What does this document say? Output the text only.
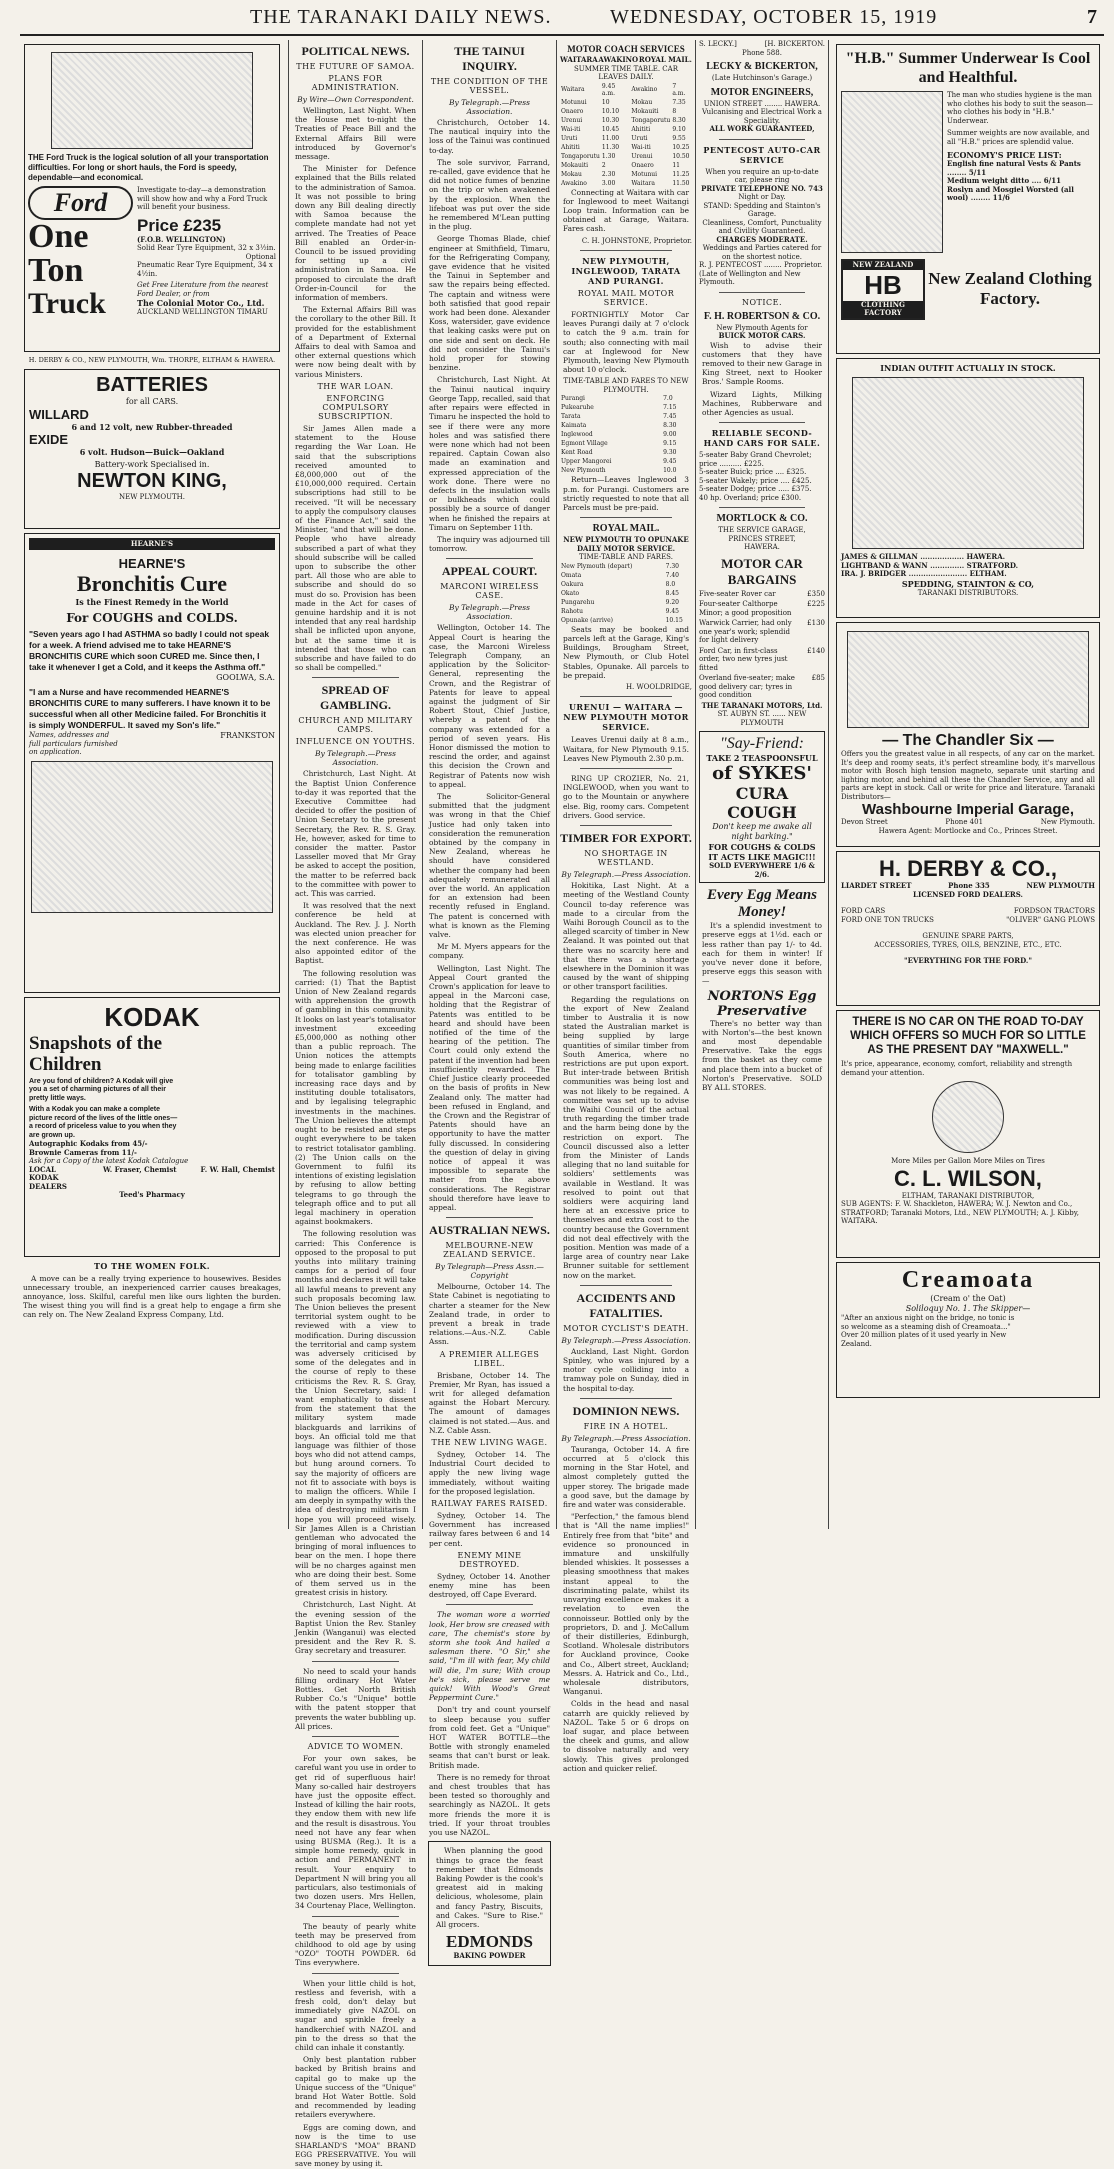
THE TARANAKI DAILY NEWS.	WEDNESDAY, OCTOBER 15, 1919	7
THE Ford Truck is the logical solution of all your transportation difficulties. For long or short hauls, the Ford is speedy, dependable—and economical.
Ford
One
Ton
Truck
Investigate to-day—a demonstration will show how and why a Ford Truck will benefit your business.
Price £235
(F.O.B. WELLINGTON)
Solid Rear Tyre Equipment, 32 x 3½in.
Optional
Pneumatic Rear Tyre Equipment, 34 x 4½in.
Get Free Literature from the nearest Ford Dealer, or from
The Colonial Motor Co., Ltd.
AUCKLAND WELLINGTON TIMARU
H. DERBY & CO., NEW PLYMOUTH, Wm. THORPE, ELTHAM & HAWERA.
BATTERIES
for all CARS.
WILLARD
6 and 12 volt, new Rubber-threaded
EXIDE
6 volt. Hudson—Buick—Oakland
Battery-work Specialised in.
NEWTON KING,
NEW PLYMOUTH.
HEARNE'S
HEARNE'S
Bronchitis Cure
Is the Finest Remedy in the World
For COUGHS and COLDS.
"Seven years ago I had ASTHMA so badly I could not speak for a week. A friend advised me to take HEARNE'S BRONCHITIS CURE which soon CURED me. Since then, I take it whenever I get a Cold, and it keeps the Asthma off."
GOOLWA, S.A.
"I am a Nurse and have recommended HEARNE'S BRONCHITIS CURE to many sufferers. I have known it to be successful when all other Medicine failed. For Bronchitis it is simply WONDERFUL. It saved my Son's life."
Names, addresses and full particulars furnished on application.
FRANKSTON
KODAK
Snapshots of the Children
Are you fond of children? A Kodak will give you a set of charming pictures of all their pretty little ways.
With a Kodak you can make a complete picture record of the lives of the little ones—a record of priceless value to you when they are grown up.
Autographic Kodaks from 45/-
Brownie Cameras from 11/-
Ask for a Copy of the latest Kodak Catalogue
LOCAL KODAK DEALERS
W. Fraser, Chemist	F. W. Hall, Chemist
Teed's Pharmacy
TO THE WOMEN FOLK.
A move can be a really trying experience to housewives. Besides unnecessary trouble, an inexperienced carrier causes breakages, annoyance, loss. Skilful, careful men like ours lighten the burden. The wisest thing you will find is a great help to engage a firm she can rely on. The New Zealand Express Company, Ltd.
POLITICAL NEWS.
THE FUTURE OF SAMOA.
PLANS FOR ADMINISTRATION.
By Wire—Own Correspondent.
Wellington, Last Night. When the House met to-night the Treaties of Peace Bill and the External Affairs Bill were introduced by Governor's message.
The Minister for Defence explained that the Bills related to the administration of Samoa. It was not possible to bring down any Bill dealing directly with Samoa because the complete mandate had not yet arrived. The Treaties of Peace Bill enabled an Order-in-Council to be issued providing for setting up a civil administration in Samoa. He proposed to circulate the draft Order-in-Council for the information of members.
The External Affairs Bill was the corollary to the other Bill. It provided for the establishment of a Department of External Affairs to deal with Samoa and other external questions which were now being dealt with by various Ministers.
THE WAR LOAN.
ENFORCING COMPULSORY SUBSCRIPTION.
Sir James Allen made a statement to the House regarding the War Loan. He said that the subscriptions received amounted to £8,000,000 out of the £10,000,000 required. Certain subscriptions had still to be received. "It will be necessary to apply the compulsory clauses of the Finance Act," said the Minister, "and that will be done. People who have already subscribed a part of what they should subscribe will be called upon to subscribe the other part. All those who are able to subscribe and should do so must do so. Provision has been made in the Act for cases of genuine hardship and it is not intended that any real hardship shall be inflicted upon anyone, but at the same time it is intended that those who can subscribe and have failed to do so shall be compelled."
SPREAD OF GAMBLING.
CHURCH AND MILITARY CAMPS.
INFLUENCE ON YOUTHS.
By Telegraph.—Press Association.
Christchurch, Last Night. At the Baptist Union Conference to-day it was reported that the Executive Committee had decided to offer the position of Union Secretary to the present Secretary, the Rev. R. S. Gray. He, however, asked for time to consider the matter. Pastor Lasseller moved that Mr Gray be asked to accept the position, the matter to be referred back to the committee with power to act. This was carried.
It was resolved that the next conference be held at Auckland. The Rev. J. J. North was elected union preacher for the next conference. He was also appointed editor of the Baptist.
The following resolution was carried: (1) That the Baptist Union of New Zealand regards with apprehension the growth of gambling in this community. It looks on last year's totalisator investment exceeding £5,000,000 as nothing other than a public reproach. The Union notices the attempts being made to enlarge facilities for totalisator gambling by increasing race days and by instituting double totalisators, and by legalising telegraphic investments in the machines. The Union believes the attempt ought to be resisted and steps ought everywhere to be taken to restrict totalisator gambling. (2) The Union calls on the Government to fulfil its intentions of existing legislation by refusing to allow betting telegrams to go through the telegraph office and to put all legal machinery in operation against bookmakers.
The following resolution was carried: This Conference is opposed to the proposal to put youths into military training camps for a period of four months and declares it will take all lawful means to prevent any such proposals becoming law. The Union believes the present territorial system ought to be reviewed with a view to modification. During discussion the territorial and camp system was adversely criticised by some of the delegates and in the course of reply to these criticisms the Rev. R. S. Gray, the Union Secretary, said: I want emphatically to dissent from the statement that the military system made blackguards and larrikins of boys. An official told me that language was filthier of those boys who did not attend camps, but hung around corners. To say the majority of officers are not fit to associate with boys is to malign the officers. While I am deeply in sympathy with the idea of destroying militarism I hope you will proceed wisely. Sir James Allen is a Christian gentleman who advocated the bringing of moral influences to bear on the men. I hope there will be no charges against men who are doing their best. Some of them served us in the greatest crisis in history.
Christchurch, Last Night. At the evening session of the Baptist Union the Rev. Stanley Jenkin (Wanganui) was elected president and the Rev R. S. Gray secretary and treasurer.
No need to scald your hands filling ordinary Hot Water Bottles. Get North British Rubber Co.'s "Unique" bottle with the patent stopper that prevents the water bubbling up. All prices.
ADVICE TO WOMEN.
For your own sakes, be careful want you use in order to get rid of superfluous hair! Many so-called hair destroyers have just the opposite effect. Instead of killing the hair roots, they endow them with new life and the result is disastrous. You need not have any fear when using BUSMA (Reg.). It is a simple home remedy, quick in action and PERMANENT in result. Your enquiry to Department N will bring you all particulars, also testimonials of two dozen users. Mrs Hellen, 34 Courtenay Place, Wellington.
The beauty of pearly white teeth may be preserved from childhood to old age by using "OZO" TOOTH POWDER. 6d Tins everywhere.
When your little child is hot, restless and feverish, with a fresh cold, don't delay but immediately give NAZOL on sugar and sprinkle freely a handkerchief with NAZOL and pin to the dress so that the child can inhale it constantly.
Only best plantation rubber backed by British brains and capital go to make up the Unique success of the "Unique" brand Hot Water Bottle. Sold and recommended by leading retailers everywhere.
Eggs are coming down, and now is the time to use SHARLAND'S "MOA" BRAND EGG PRESERVATIVE. You will save money by using it.
THE TAINUI INQUIRY.
THE CONDITION OF THE VESSEL.
By Telegraph.—Press Association.
Christchurch, October 14. The nautical inquiry into the loss of the Tainui was continued to-day.
The sole survivor, Farrand, re-called, gave evidence that he did not notice fumes of benzine on the trip or when awakened by the explosion. When the lifeboat was put over the side he remembered M'Lean putting in the plug.
George Thomas Blade, chief engineer at Smithfield, Timaru, for the Refrigerating Company, gave evidence that he visited the Tainui in September and saw the repairs being effected. The captain and witness were both satisfied that good repair work had been done. Alexander Koss, watersider, gave evidence that leaking casks were put on one side and sent on deck. He did not consider the Tainui's hold proper for stowing benzine.
Christchurch, Last Night. At the Tainui nautical inquiry George Tapp, recalled, said that after repairs were effected in Timaru he inspected the hold to see if there were any more holes and was satisfied there were none which had not been repaired. Captain Cowan also made an examination and expressed appreciation of the work done. There were no defects in the insulation walls or bulkheads which could possibly be a source of danger when he finished the repairs at Timaru on September 11th.
The inquiry was adjourned till tomorrow.
APPEAL COURT.
MARCONI WIRELESS CASE.
By Telegraph.—Press Association.
Wellington, October 14. The Appeal Court is hearing the case, the Marconi Wireless Telegraph Company, an application by the Solicitor-General, representing the Crown, and the Registrar of Patents for leave to appeal against the judgment of Sir Robert Stout, Chief Justice, whereby a patent of the company was extended for a period of seven years. His Honor dismissed the motion to rescind the order, and against this decision the Crown and Registrar of Patents now wish to appeal.
The Solicitor-General submitted that the judgment was wrong in that the Chief Justice had only taken into consideration the remuneration obtained by the company in New Zealand, whereas he should have considered whether the company had been adequately remunerated all over the world. An application for an extension had been recently refused in England. The patent is concerned with what is known as the Fleming valve.
Mr M. Myers appears for the company.
Wellington, Last Night. The Appeal Court granted the Crown's application for leave to appeal in the Marconi case, holding that the Registrar of Patents was entitled to be heard and should have been notified of the time of the hearing of the petition. The Court could only extend the patent if the invention had been insufficiently rewarded. The Chief Justice clearly proceeded on the basis of profits in New Zealand only. The matter had been refused in England, and the Crown and the Registrar of Patents should have an opportunity to have the matter fully discussed. In considering the question of delay in giving notice of appeal it was impossible to separate the matter from the above considerations. The Registrar should therefore have leave to appeal.
AUSTRALIAN NEWS.
MELBOURNE-NEW ZEALAND SERVICE.
By Telegraph—Press Assn.—Copyright
Melbourne, October 14. The State Cabinet is negotiating to charter a steamer for the New Zealand trade, in order to prevent a break in trade relations.—Aus.-N.Z. Cable Assn.
A PREMIER ALLEGES LIBEL.
Brisbane, October 14. The Premier, Mr Ryan, has issued a writ for alleged defamation against the Hobart Mercury. The amount of damages claimed is not stated.—Aus. and N.Z. Cable Assn.
THE NEW LIVING WAGE.
Sydney, October 14. The Industrial Court decided to apply the new living wage immediately, without waiting for the proposed legislation.
RAILWAY FARES RAISED.
Sydney, October 14. The Government has increased railway fares between 6 and 14 per cent.
ENEMY MINE DESTROYED.
Sydney, October 14. Another enemy mine has been destroyed, off Cape Everard.
The woman wore a worried look, Her brow sre creased with care, The chemist's store by storm she took And hailed a salesman there. "O Sir," she said, "I'm ill with fear, My child will die, I'm sure; With croup he's sick, please serve me quick! With Wood's Great Peppermint Cure."
Don't try and count yourself to sleep because you suffer from cold feet. Get a "Unique" HOT WATER BOTTLE—the Bottle with strongly enameled seams that can't burst or leak. British made.
There is no remedy for throat and chest troubles that has been tested so thoroughly and searchingly as NAZOL. It gets more friends the more it is tried. If your throat troubles you use NAZOL.
When planning the good things to grace the feast remember that Edmonds Baking Powder is the cook's greatest aid in making delicious, wholesome, plain and fancy Pastry, Biscuits, and Cakes. "Sure to Rise." All grocers.
EDMONDS
BAKING POWDER
MOTOR COACH SERVICES
WAITARA AWAKINO ROYAL MAIL.
SUMMER TIME TABLE. CAR LEAVES DAILY.
Waitara	9.45 a.m.	Awakino	7 a.m.
Motunui	10	Mokau	7.35
Onaero	10.10	Mokauiti	8
Urenui	10.30	Tongaporutu	8.30
Wai-iti	10.45	Ahititi	9.10
Uruti	11.00	Uruti	9.55
Ahititi	11.30	Wai-iti	10.25
Tongaporutu	1.30	Urenui	10.50
Mokauiti	2	Onaero	11
Mokau	2.30	Motunui	11.25
Awakino	3.00	Waitara	11.50
Connecting at Waitara with car for Inglewood to meet Waitangi Loop train. Information can be obtained at Garage, Waitara. Fares cash.
C. H. JOHNSTONE, Proprietor.
NEW PLYMOUTH, INGLEWOOD, TARATA AND PURANGI.
ROYAL MAIL MOTOR SERVICE.
FORTNIGHTLY Motor Car leaves Purangi daily at 7 o'clock to catch the 9 a.m. train for south; also connecting with mail car at Inglewood for New Plymouth, leaving New Plymouth about 10 o'clock.
TIME-TABLE AND FARES TO NEW PLYMOUTH.
Purangi	7.0
Pukearuhe	7.15
Tarata	7.45
Kaimata	8.30
Inglewood	9.00
Egmont Village	9.15
Kent Road	9.30
Upper Mangorei	9.45
New Plymouth	10.0
Return—Leaves Inglewood 3 p.m. for Purangi. Customers are strictly requested to note that all Parcels must be pre-paid.
ROYAL MAIL.
NEW PLYMOUTH TO OPUNAKE DAILY MOTOR SERVICE.
TIME-TABLE AND FARES.
New Plymouth (depart)	7.30
Omata	7.40
Oakura	8.0
Okato	8.45
Pungarehu	9.20
Rahotu	9.45
Opunake (arrive)	10.15
Seats may be booked and parcels left at the Garage, King's Buildings, Brougham Street, New Plymouth, or Club Hotel Stables, Opunake. All parcels to be prepaid.
H. WOOLDRIDGE,
URENUI — WAITARA — NEW PLYMOUTH MOTOR SERVICE.
Leaves Urenui daily at 8 a.m., Waitara, for New Plymouth 9.15. Leaves New Plymouth 2.30 p.m.
RING UP CROZIER, No. 21, INGLEWOOD, when you want to go to the Mountain or anywhere else. Big, roomy cars. Competent drivers. Good service.
TIMBER FOR EXPORT.
NO SHORTAGE IN WESTLAND.
By Telegraph.—Press Association.
Hokitika, Last Night. At a meeting of the Westland County Council to-day reference was made to a circular from the Waihi Borough Council as to the alleged scarcity of timber in New Zealand. It was pointed out that there was no scarcity here and that there was a shortage elsewhere in the Dominion it was caused by the want of shipping or other transport facilities.
Regarding the regulations on the export of New Zealand timber to Australia it is now stated the Australian market is being supplied by large quantities of similar timber from South America, where no restrictions are put upon export. But inter-trade between British communities was being lost and was not likely to be regained. A committee was set up to advise the Waihi Council of the actual truth regarding the timber trade and the harm being done by the restriction on export. The Council discussed also a letter from the Minister of Lands alleging that no land suitable for soldiers' settlements was available in Westland. It was resolved to point out that soldiers were acquiring land here at an excessive price to themselves and extra cost to the country because the Government did not deal effectively with the position. Mention was made of a large area of country near Lake Brunner suitable for settlement now on the market.
ACCIDENTS AND FATALITIES.
MOTOR CYCLIST'S DEATH.
By Telegraph.—Press Association.
Auckland, Last Night. Gordon Spinley, who was injured by a motor cycle colliding into a tramway pole on Sunday, died in the hospital to-day.
DOMINION NEWS.
FIRE IN A HOTEL.
By Telegraph.—Press Association.
Tauranga, October 14. A fire occurred at 5 o'clock this morning in the Star Hotel, and almost completely gutted the upper storey. The brigade made a good save, but the damage by fire and water was considerable.
"Perfection," the famous blend that is "All the name implies!" Entirely free from that "bite" and evidence so pronounced in immature and unskilfully blended whiskies. It possesses a pleasing smoothness that makes instant appeal to the discriminating palate, whilst its unvarying excellence makes it a revelation to even the connoisseur. Bottled only by the proprietors, D. and J. McCallum of their distilleries, Edinburgh, Scotland. Wholesale distributors for Auckland province, Cooke and Co., Albert street, Auckland; Messrs. A. Hatrick and Co., Ltd., wholesale distributors, Wanganui.
Colds in the head and nasal catarrh are quickly relieved by NAZOL. Take 5 or 6 drops on loaf sugar, and place between the cheek and gums, and allow to dissolve naturally and very slowly. This gives prolonged action and quicker relief.
S. LECKY.]	[H. BICKERTON.
Phone 588.
LECKY & BICKERTON,
(Late Hutchinson's Garage.)
MOTOR ENGINEERS,
UNION STREET ........ HAWERA.
Vulcanising and Electrical Work a Speciality.
ALL WORK GUARANTEED,
PENTECOST AUTO-CAR SERVICE
When you require an up-to-date car, please ring
PRIVATE TELEPHONE NO. 743
Night or Day.
STAND: Spedding and Stainton's Garage.
Cleanliness, Comfort, Punctuality and Civility Guaranteed.
CHARGES MODERATE.
Weddings and Parties catered for on the shortest notice.
R. J. PENTECOST ........ Proprietor.
(Late of Wellington and New Plymouth.
NOTICE.
F. H. ROBERTSON & CO.
New Plymouth Agents for
BUICK MOTOR CARS.
Wish to advise their customers that they have removed to their new Garage in King Street, next to Hooker Bros.' Sample Rooms.
Wizard Lights, Milking Machines, Rubberware and other Agencies as usual.
RELIABLE SECOND-HAND CARS FOR SALE.
5-seater Baby Grand Chevrolet; price .......... £225.
5-seater Buick; price .... £325.
5-seater Wakely; price .... £425.
5-seater Dodge; price ..... £375.
40 hp. Overland; price £300.
MORTLOCK & CO.
THE SERVICE GARAGE,
PRINCES STREET,
HAWERA.
MOTOR CAR BARGAINS
Five-seater Rover car	£350
Four-seater Calthorpe Minor; a good proposition
£225
Warwick Carrier, had only one year's work; splendid for light delivery
£130
Ford Car, in first-class order, two new tyres just fitted
£140
Overland five-seater; make good delivery car; tyres in good condition
£85
THE TARANAKI MOTORS, Ltd.
ST. AUBYN ST. ...... NEW PLYMOUTH
"Say-Friend:
TAKE 2 TEASPOONSFUL
of SYKES'
CURA COUGH
Don't keep me awake all night barking."
FOR COUGHS & COLDS
IT ACTS LIKE MAGIC!!!
SOLD EVERYWHERE 1/6 & 2/6.
Every Egg Means Money!
It's a splendid investment to preserve eggs at 1½d. each or less rather than pay 1/- to 4d. each for them in winter! If you've never done it before, preserve eggs this season with—
NORTONS Egg Preservative
There's no better way than with Norton's—the best known and most dependable Preservative. Take the eggs from the basket as they come and place them into a bucket of Norton's Preservative. SOLD BY ALL STORES.
"H.B." Summer Underwear Is Cool and Healthful.
The man who studies hygiene is the man who clothes his body to suit the season—who clothes his body in "H.B." Underwear.
Summer weights are now available, and all "H.B." prices are splendid value.
ECONOMY'S PRICE LIST:
English fine natural Vests & Pants ........ 5/11
Medium weight ditto .... 6/11
Roslyn and Mosgiel Worsted (all wool) ........ 11/6
NEW ZEALAND
HB
CLOTHING FACTORY
New Zealand Clothing Factory.
INDIAN OUTFIT ACTUALLY IN STOCK.
JAMES & GILLMAN .................. HAWERA.
LIGHTBAND & WANN .............. STRATFORD.
IRA. J. BRIDGER ........................ ELTHAM.
SPEDDING, STAINTON & CO,
TARANAKI DISTRIBUTORS.
— The Chandler Six —
Offers you the greatest value in all respects, of any car on the market. It's deep and roomy seats, it's perfect streamline body, it's marvellous motor with Bosch high tension magneto, separate unit starting and lighting motor, and behind all these the Chandler Service, any and all parts are kept in stock. Call or write for price and literature. Taranaki Distributors—
Washbourne Imperial Garage,
Devon Street	Phone 401	New Plymouth.
Hawera Agent: Mortlocke and Co., Princes Street.
H. DERBY & CO.,
LIARDET STREET	Phone 335	NEW PLYMOUTH
LICENSED FORD DEALERS.
FORD CARS	FORDSON TRACTORS
FORD ONE TON TRUCKS	"OLIVER" GANG PLOWS
GENUINE SPARE PARTS,
ACCESSORIES, TYRES, OILS, BENZINE, ETC., ETC.
"EVERYTHING FOR THE FORD."
THERE IS NO CAR ON THE ROAD TO-DAY WHICH OFFERS SO MUCH FOR SO LITTLE AS THE PRESENT DAY "MAXWELL."
It's price, appearance, economy, comfort, reliability and strength demand your attention.
More Miles per Gallon More Miles on Tires
C. L. WILSON,
ELTHAM, TARANAKI DISTRIBUTOR,
SUB AGENTS: F. W. Shackleton, HAWERA; W. J. Newton and Co., STRATFORD; Taranaki Motors, Ltd., NEW PLYMOUTH; A. J. Kibby, WAITARA.
Creamoata
(Cream o' the Oat)
Soliloquy No. 1. The Skipper—
"After an anxious night on the bridge, no tonic is so welcome as a steaming dish of Creamoata..." Over 20 million plates of it used yearly in New Zealand.
